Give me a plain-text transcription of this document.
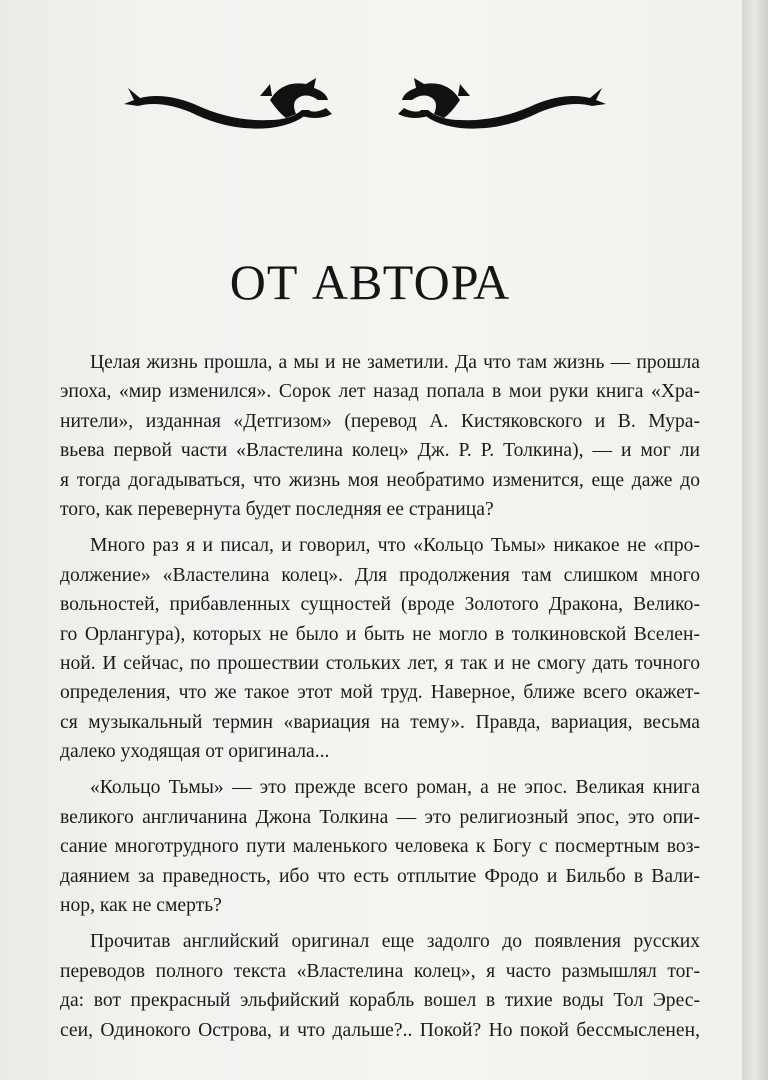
ОТ АВТОРА
Целая жизнь прошла, а мы и не заметили. Да что там жизнь — прошла
эпоха, «мир изменился». Сорок лет назад попала в мои руки книга «Хра-
нители», изданная «Детгизом» (перевод А. Кистяковского и В. Мура-
вьева первой части «Властелина колец» Дж. Р. Р. Толкина), — и мог ли
я тогда догадываться, что жизнь моя необратимо изменится, еще даже до
того, как перевернута будет последняя ее страница?
Много раз я и писал, и говорил, что «Кольцо Тьмы» никакое не «про-
должение» «Властелина колец». Для продолжения там слишком много
вольностей, прибавленных сущностей (вроде Золотого Дракона, Велико-
го Орлангура), которых не было и быть не могло в толкиновской Вселен-
ной. И сейчас, по прошествии стольких лет, я так и не смогу дать точного
определения, что же такое этот мой труд. Наверное, ближе всего окажет-
ся музыкальный термин «вариация на тему». Правда, вариация, весьма
далеко уходящая от оригинала...
«Кольцо Тьмы» — это прежде всего роман, а не эпос. Великая книга
великого англичанина Джона Толкина — это религиозный эпос, это опи-
сание многотрудного пути маленького человека к Богу с посмертным воз-
даянием за праведность, ибо что есть отплытие Фродо и Бильбо в Вали-
нор, как не смерть?
Прочитав английский оригинал еще задолго до появления русских
переводов полного текста «Властелина колец», я часто размышлял тог-
да: вот прекрасный эльфийский корабль вошел в тихие воды Тол Эрес-
сеи, Одинокого Острова, и что дальше?.. Покой? Но покой бессмысленен,
